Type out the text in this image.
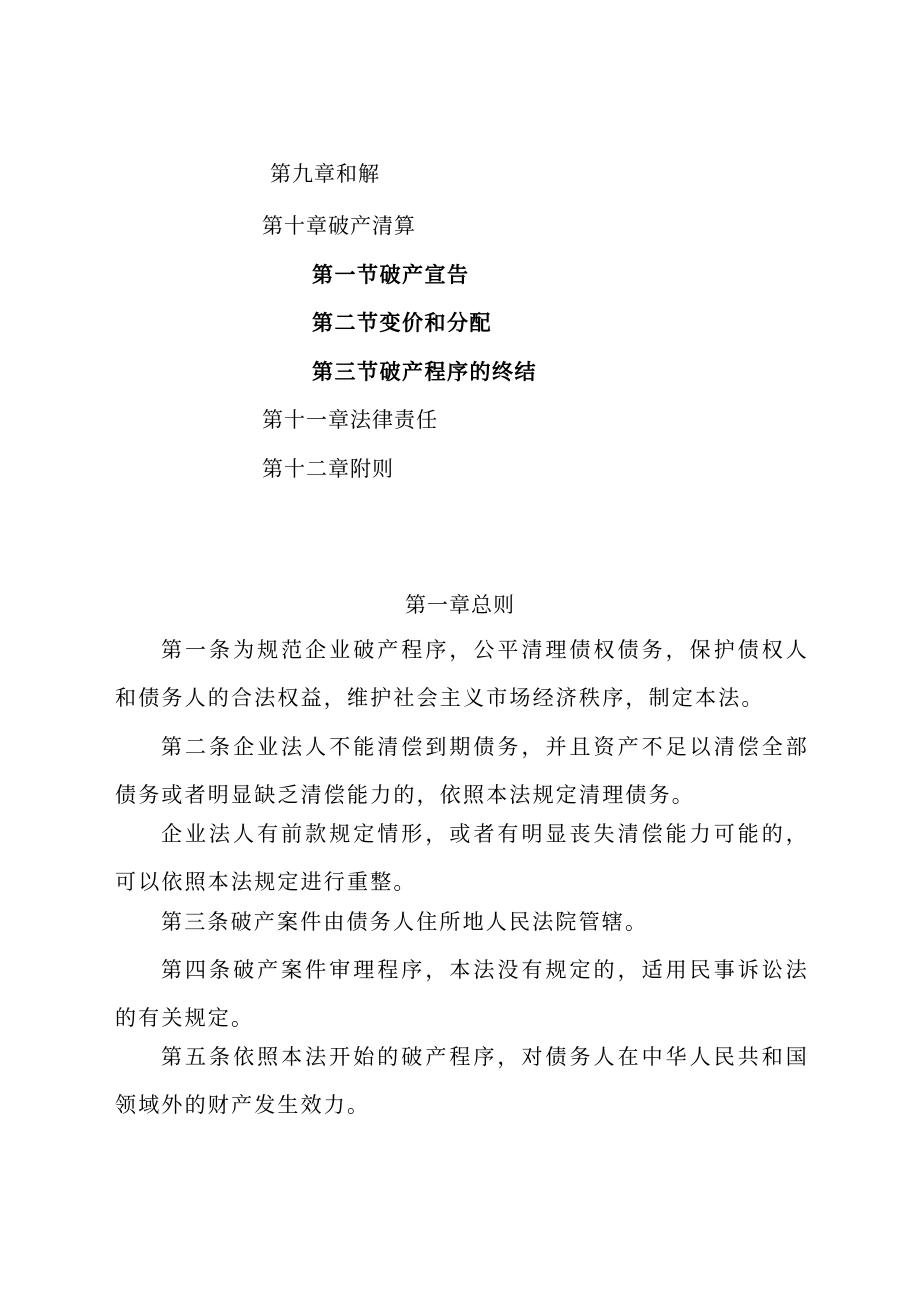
第九章和解
第十章破产清算
第一节破产宣告
第二节变价和分配
第三节破产程序的终结
第十一章法律责任
第十二章附则
第一章总则

第一条为规范企业破产程序，公平清理债权债务，保护债权人和债务人的合法权益，维护社会主义市场经济秩序，制定本法。

第二条企业法人不能清偿到期债务，并且资产不足以清偿全部债务或者明显缺乏清偿能力的，依照本法规定清理债务。

企业法人有前款规定情形，或者有明显丧失清偿能力可能的，可以依照本法规定进行重整。

第三条破产案件由债务人住所地人民法院管辖。

第四条破产案件审理程序，本法没有规定的，适用民事诉讼法的有关规定。

第五条依照本法开始的破产程序，对债务人在中华人民共和国领域外的财产发生效力。
